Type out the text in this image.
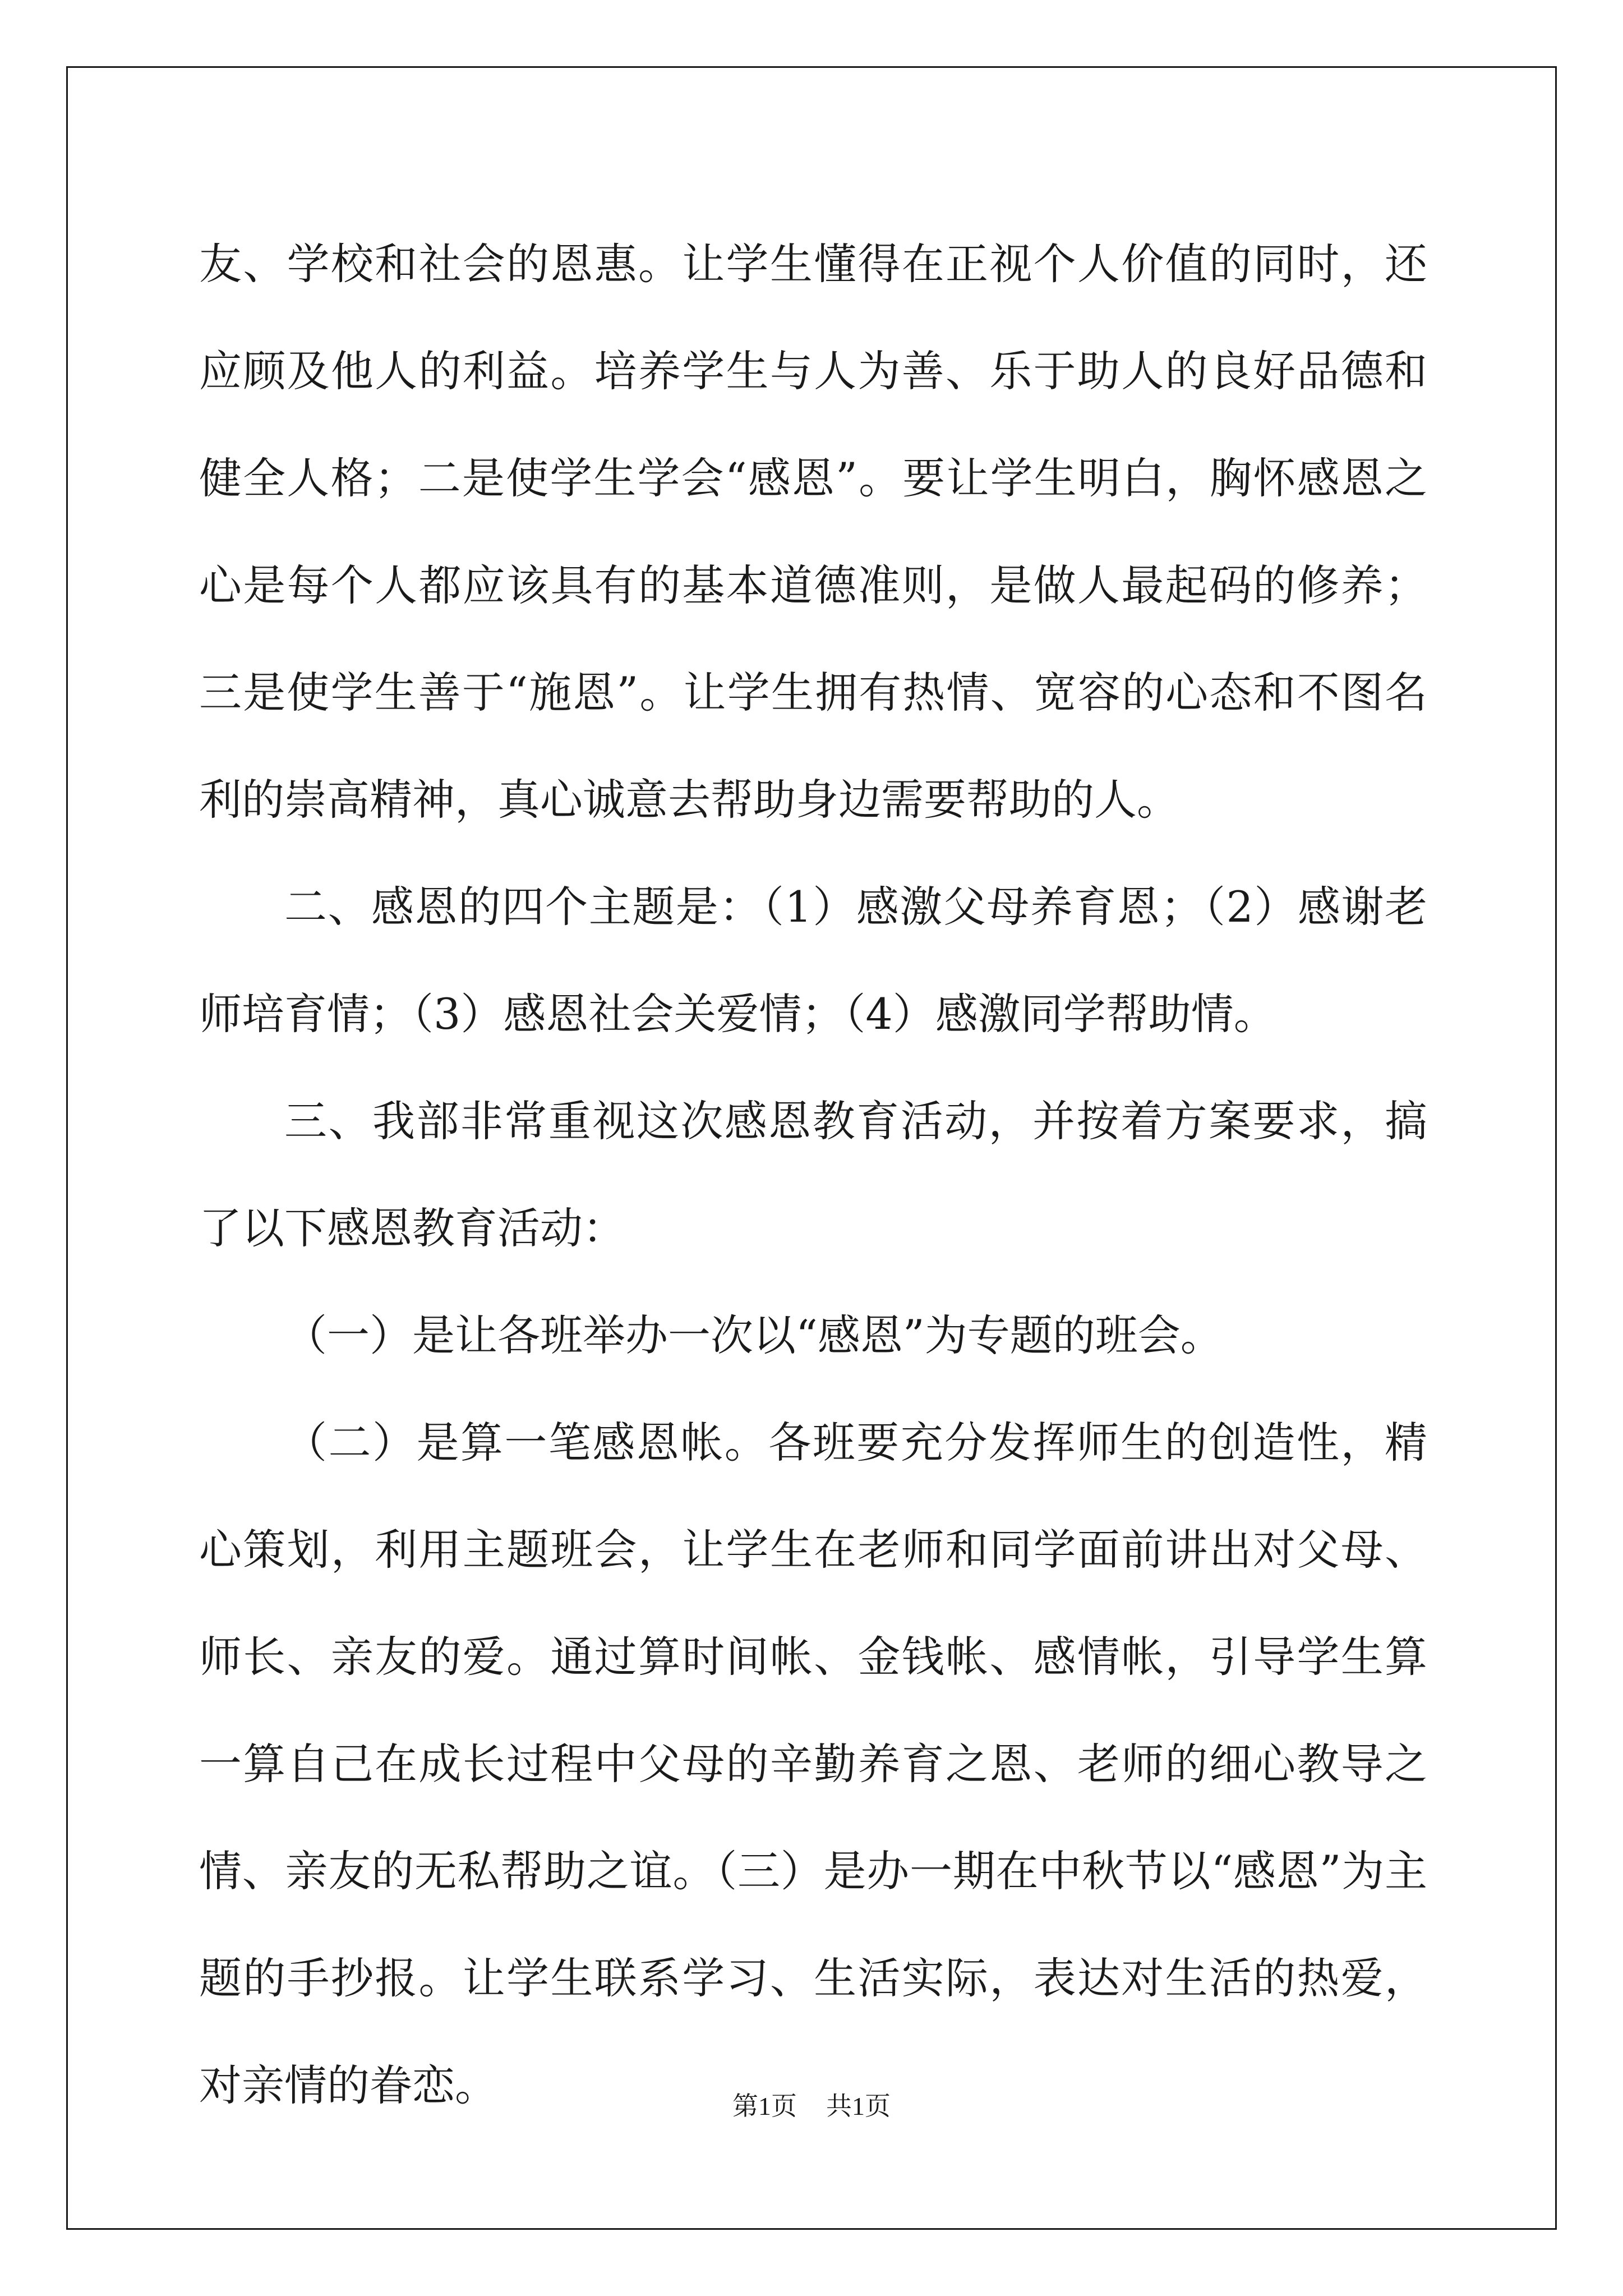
友、学校和社会的恩惠。让学生懂得在正视个人价值的同时，还应顾及他人的利益。培养学生与人为善、乐于助人的良好品德和健全人格；二是使学生学会“感恩”。要让学生明白，胸怀感恩之心是每个人都应该具有的基本道德准则，是做人最起码的修养；三是使学生善于“施恩”。让学生拥有热情、宽容的心态和不图名利的崇高精神，真心诚意去帮助身边需要帮助的人。

二、感恩的四个主题是：（1）感激父母养育恩；（2）感谢老师培育情；（3）感恩社会关爱情；（4）感激同学帮助情。

三、我部非常重视这次感恩教育活动，并按着方案要求，搞了以下感恩教育活动：

（一）是让各班举办一次以“感恩”为专题的班会。

（二）是算一笔感恩帐。各班要充分发挥师生的创造性，精心策划，利用主题班会，让学生在老师和同学面前讲出对父母、师长、亲友的爱。通过算时间帐、金钱帐、感情帐，引导学生算一算自己在成长过程中父母的辛勤养育之恩、老师的细心教导之情、亲友的无私帮助之谊。（三）是办一期在中秋节以“感恩”为主题的手抄报。让学生联系学习、生活实际，表达对生活的热爱，对亲情的眷恋。	第1页 共1页
